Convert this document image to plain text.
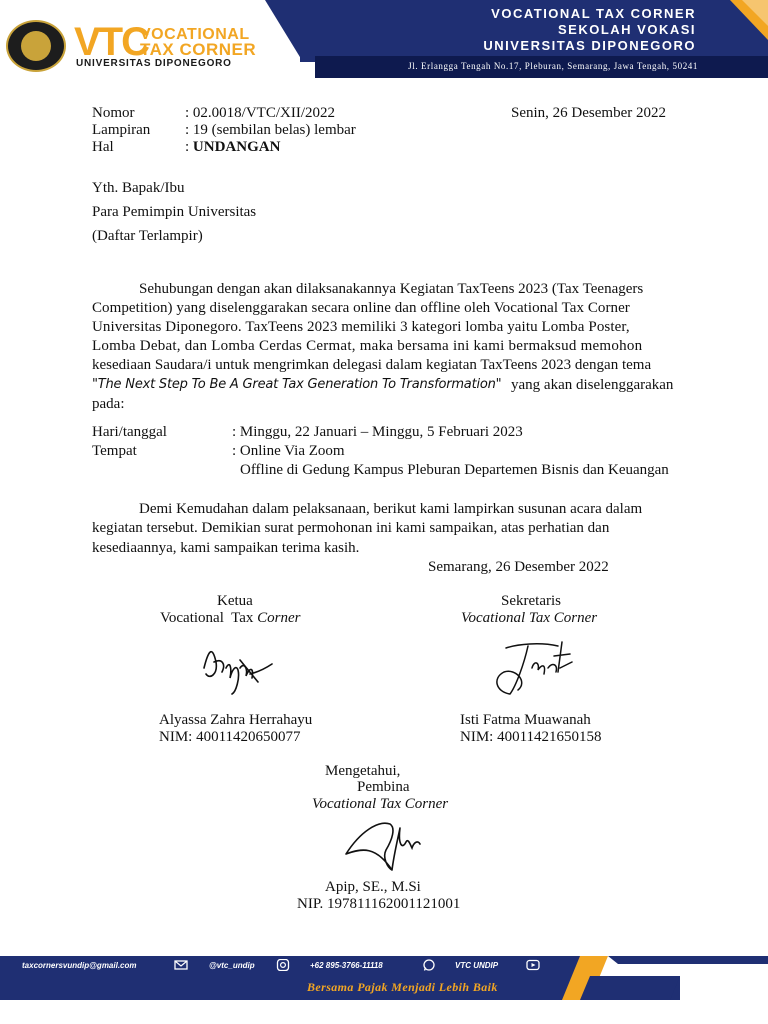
VTC
VOCATIONAL
TAX CORNER
UNIVERSITAS DIPONEGORO
VOCATIONAL TAX CORNER
SEKOLAH VOKASI
UNIVERSITAS DIPONEGORO
Jl. Erlangga Tengah No.17, Pleburan, Semarang, Jawa Tengah, 50241
Nomor	: 02.0018/VTC/XII/2022	Senin, 26 Desember 2022
Lampiran : 19 (sembilan belas) lembar
Hal	: UNDANGAN
Yth. Bapak/Ibu
Para Pemimpin Universitas
(Daftar Terlampir)
Sehubungan dengan akan dilaksanakannya Kegiatan TaxTeens 2023 (Tax Teenagers
Competition) yang diselenggarakan secara online dan offline oleh Vocational Tax Corner
Universitas Diponegoro. TaxTeens 2023 memiliki 3 kategori lomba yaitu Lomba Poster,
Lomba Debat, dan Lomba Cerdas Cermat, maka bersama ini kami bermaksud memohon
kesediaan Saudara/i untuk mengrimkan delegasi dalam kegiatan TaxTeens 2023 dengan tema
"The Next Step To Be A Great Tax Generation To Transformation" yang akan diselenggarakan
pada:
Hari/tanggal	: Minggu, 22 Januari – Minggu, 5 Februari 2023
Tempat	: Online Via Zoom
Offline di Gedung Kampus Pleburan Departemen Bisnis dan Keuangan
Demi Kemudahan dalam pelaksanaan, berikut kami lampirkan susunan acara dalam
kegiatan tersebut. Demikian surat permohonan ini kami sampaikan, atas perhatian dan
kesediaannya, kami sampaikan terima kasih.
Semarang, 26 Desember 2022
Ketua
Vocational  Tax Corner
Sekretaris
Vocational Tax Corner
Alyassa Zahra Herrahayu
NIM: 40011420650077
Isti Fatma Muawanah
NIM: 40011421650158
Mengetahui,
Pembina
Vocational Tax Corner
Apip, SE., M.Si
NIP. 197811162001121001
taxcornersvundip@gmail.com	@vtc_undip	+62 895-3766-11118	VTC UNDIP
Bersama Pajak Menjadi Lebih Baik
